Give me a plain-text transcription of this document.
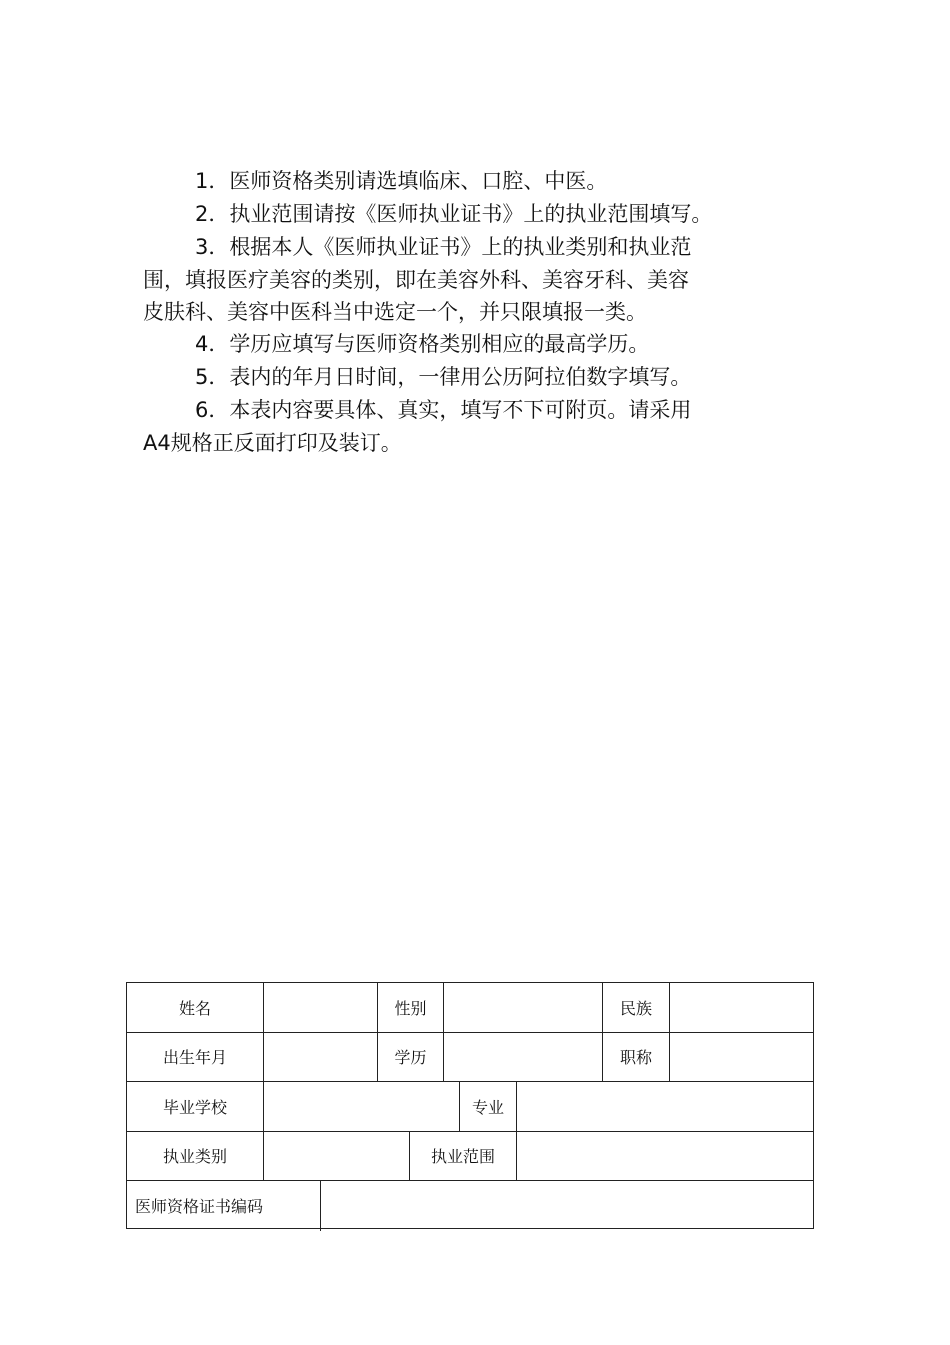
1．医师资格类别请选填临床、口腔、中医。
2．执业范围请按《医师执业证书》上的执业范围填写。
3．根据本人《医师执业证书》上的执业类别和执业范
围，填报医疗美容的类别，即在美容外科、美容牙科、美容
皮肤科、美容中医科当中选定一个，并只限填报一类。
4．学历应填写与医师资格类别相应的最高学历。
5．表内的年月日时间，一律用公历阿拉伯数字填写。
6．本表内容要具体、真实，填写不下可附页。请采用
A4规格正反面打印及装订。
姓名	性别	民族
出生年月	学历	职称
毕业学校	专业
执业类别	执业范围
医师资格证书编码
